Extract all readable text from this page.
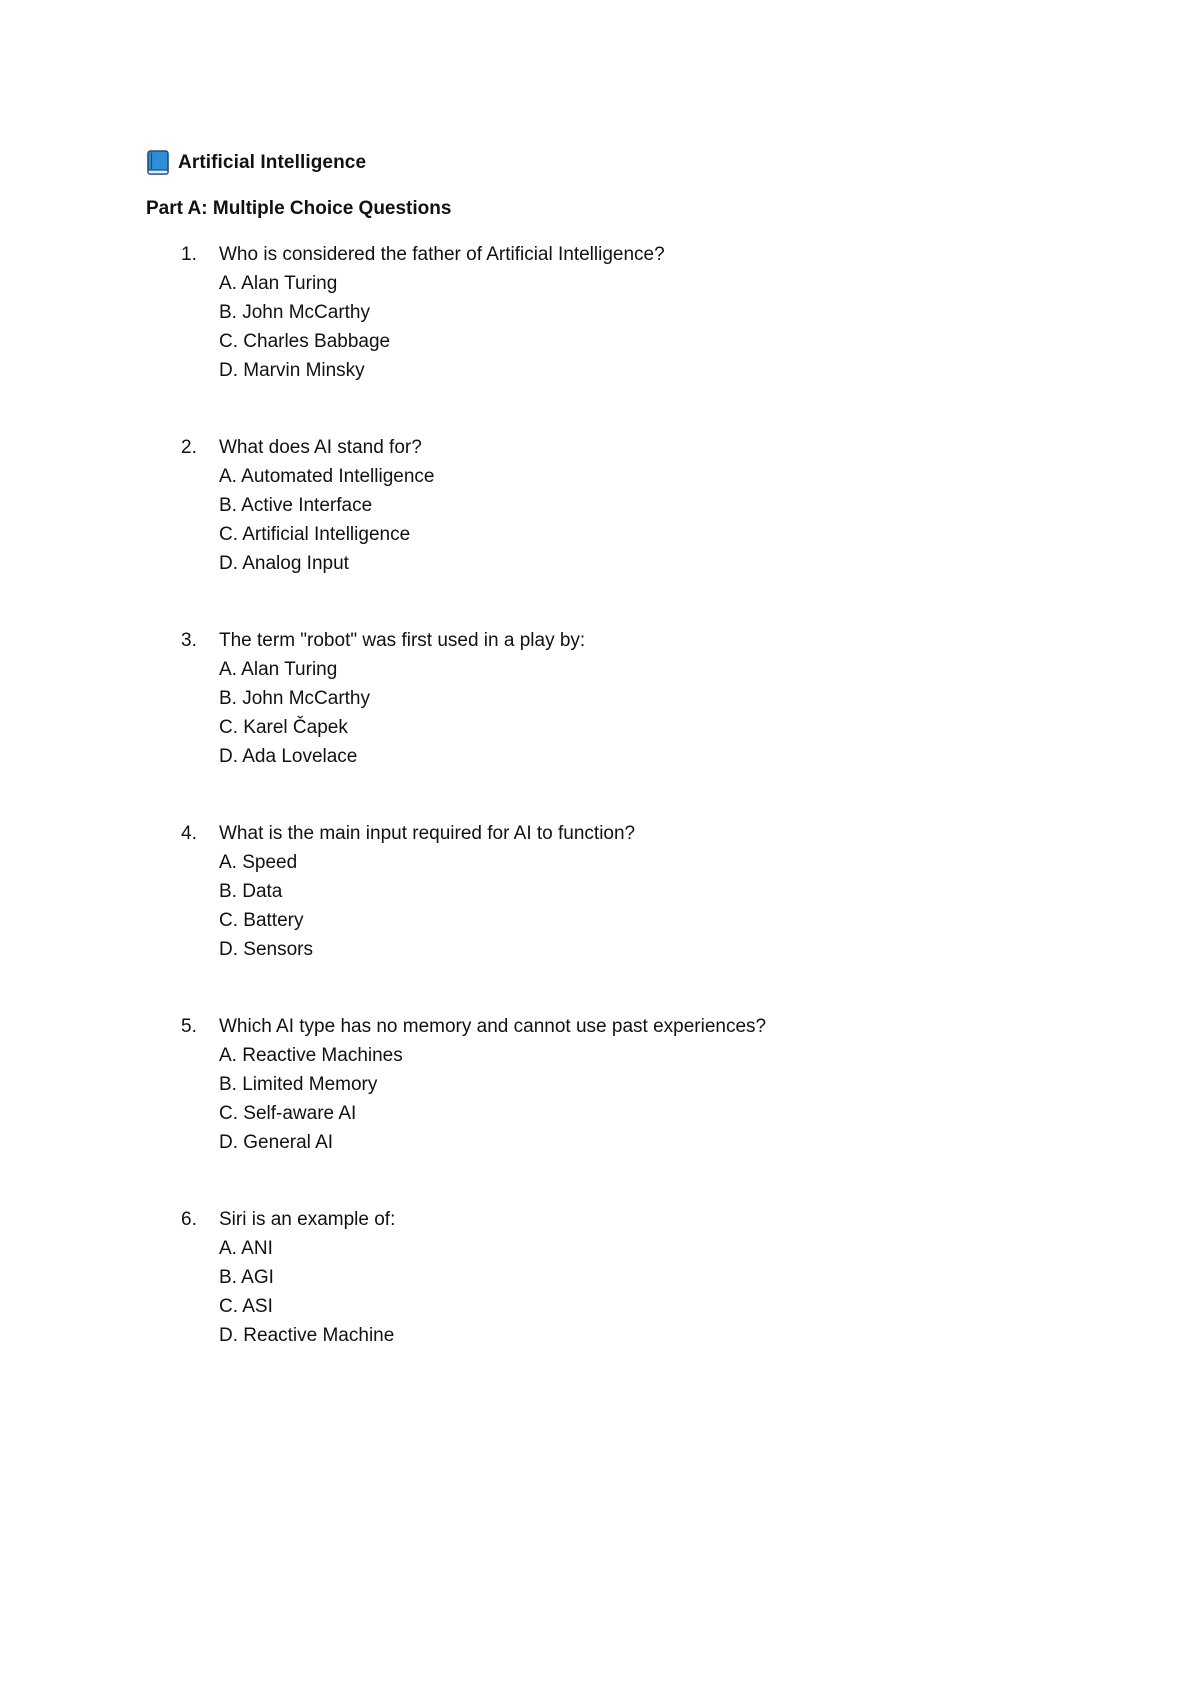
Artificial Intelligence
Part A: Multiple Choice Questions
1. Who is considered the father of Artificial Intelligence?
A. Alan Turing
B. John McCarthy
C. Charles Babbage
D. Marvin Minsky
2. What does AI stand for?
A. Automated Intelligence
B. Active Interface
C. Artificial Intelligence
D. Analog Input
3. The term "robot" was first used in a play by:
A. Alan Turing
B. John McCarthy
C. Karel Čapek
D. Ada Lovelace
4. What is the main input required for AI to function?
A. Speed
B. Data
C. Battery
D. Sensors
5. Which AI type has no memory and cannot use past experiences?
A. Reactive Machines
B. Limited Memory
C. Self-aware AI
D. General AI
6. Siri is an example of:
A. ANI
B. AGI
C. ASI
D. Reactive Machine
